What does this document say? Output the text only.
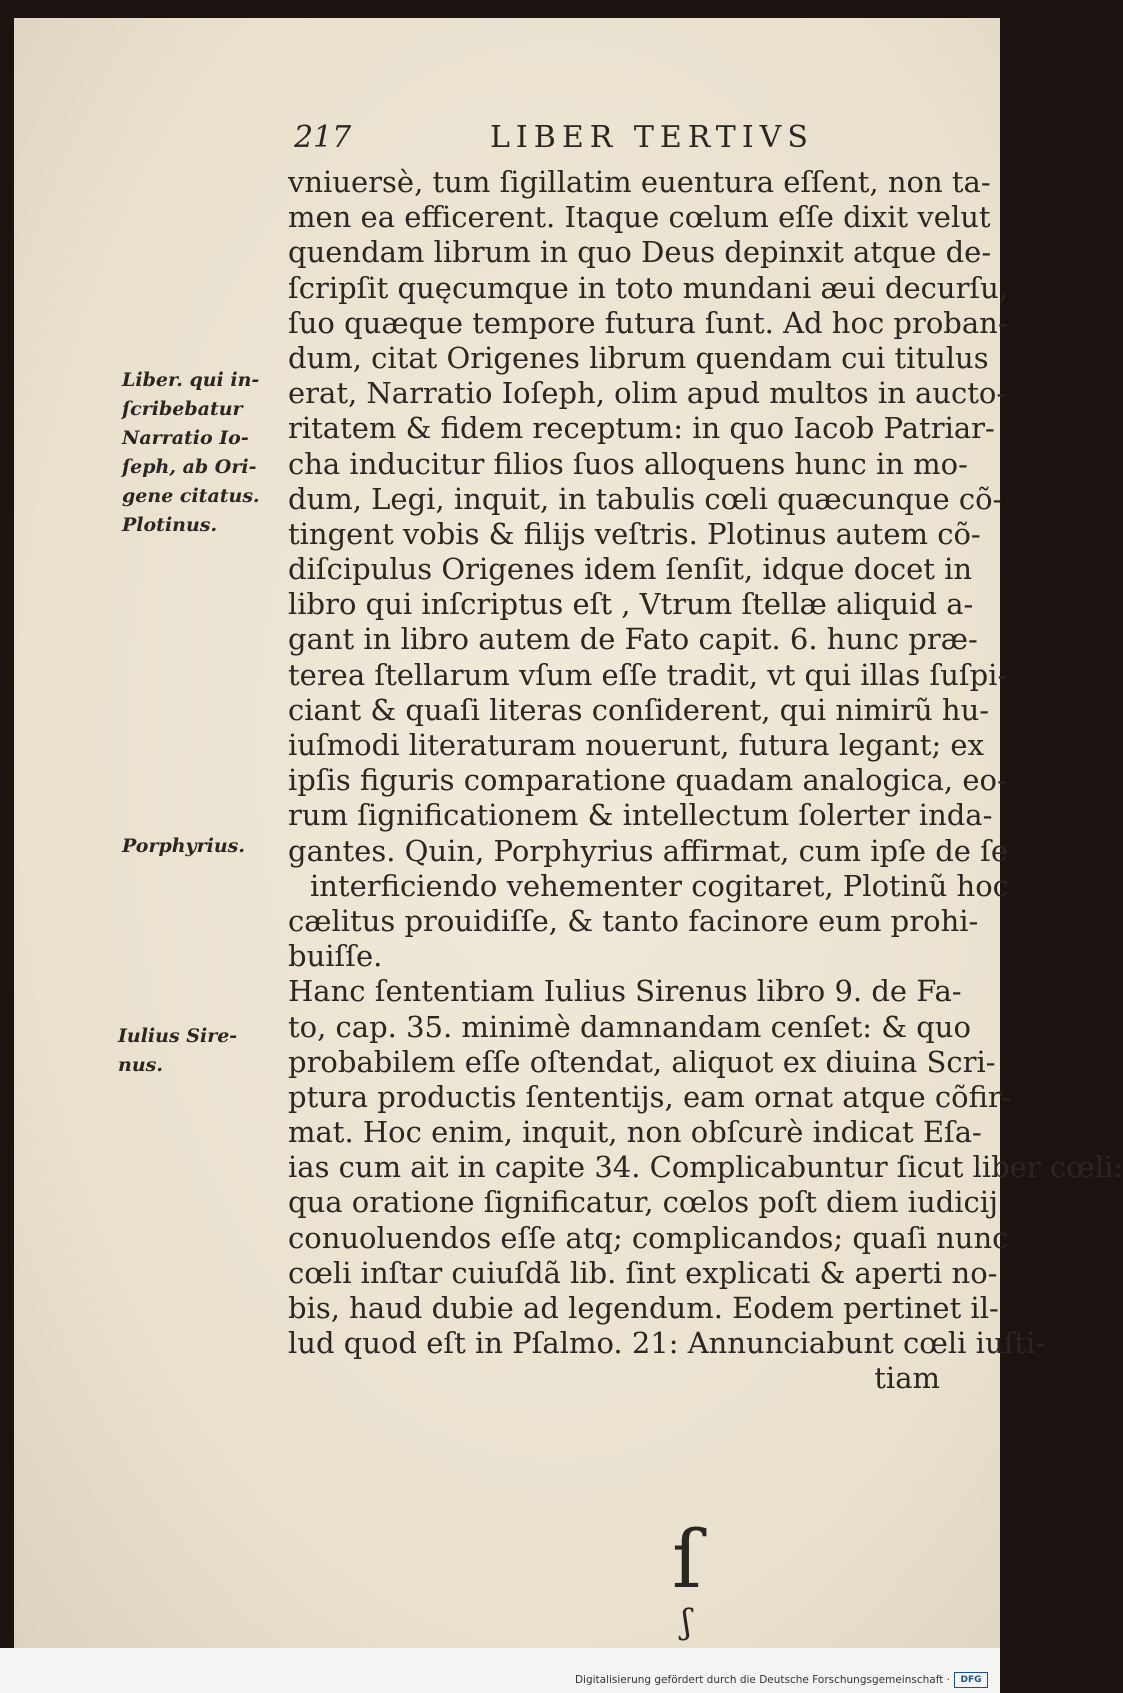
217	LIBER TERTIVS
Liber. qui in-
ſcribebatur
Narratio Io-
ſeph, ab Ori-
gene citatus.
Plotinus.
Porphyrius.
Iulius Sire-
nus.
vniuersè, tum ſigillatim euentura eſſent, non ta-
men ea efficerent. Itaque cœlum eſſe dixit velut
quendam librum in quo Deus depinxit atque de-
ſcripſit quęcumque in toto mundani æui decurſu,
ſuo quæque tempore futura ſunt. Ad hoc proban-
dum, citat Origenes librum quendam cui titulus
erat, Narratio Ioſeph, olim apud multos in aucto-
ritatem & fidem receptum: in quo Iacob Patriar-
cha inducitur filios ſuos alloquens hunc in mo-
dum, Legi, inquit, in tabulis cœli quæcunque cõ-
tingent vobis & filijs veſtris. Plotinus autem cõ-
diſcipulus Origenes idem ſenſit, idque docet in
libro qui inſcriptus eſt , Vtrum ſtellæ aliquid a-
gant in libro autem de Fato capit. 6. hunc præ-
terea ſtellarum vſum eſſe tradit, vt qui illas ſuſpi-
ciant & quaſi literas conſiderent, qui nimirũ hu-
iuſmodi literaturam nouerunt, futura legant; ex
ipſis figuris comparatione quadam analogica, eo-
rum ſignificationem & intellectum ſolerter inda-
gantes. Quin, Porphyrius affirmat, cum ipſe de ſe
interficiendo vehementer cogitaret, Plotinũ hoc
cælitus prouidiſſe, & tanto facinore eum prohi-
buiſſe.
Hanc ſententiam Iulius Sirenus libro 9. de Fa-
to, cap. 35. minimè damnandam cenſet: & quo
probabilem eſſe oſtendat, aliquot ex diuina Scri-
ptura productis ſententijs, eam ornat atque cõfir-
mat. Hoc enim, inquit, non obſcurè indicat Eſa-
ias cum ait in capite 34. Complicabuntur ſicut liber cœli:
qua oratione ſignificatur, cœlos poſt diem iudicij
conuoluendos eſſe atq; complicandos; quaſi nunc
cœli inſtar cuiuſdã lib. ſint explicati & aperti no-
bis, haud dubie ad legendum. Eodem pertinet il-
lud quod eſt in Pſalmo. 21: Annunciabunt cœli iuſti-
tiam
ſ
ʃ
Digitalisierung gefördert durch die Deutsche Forschungsgemeinschaft ·	DFG
